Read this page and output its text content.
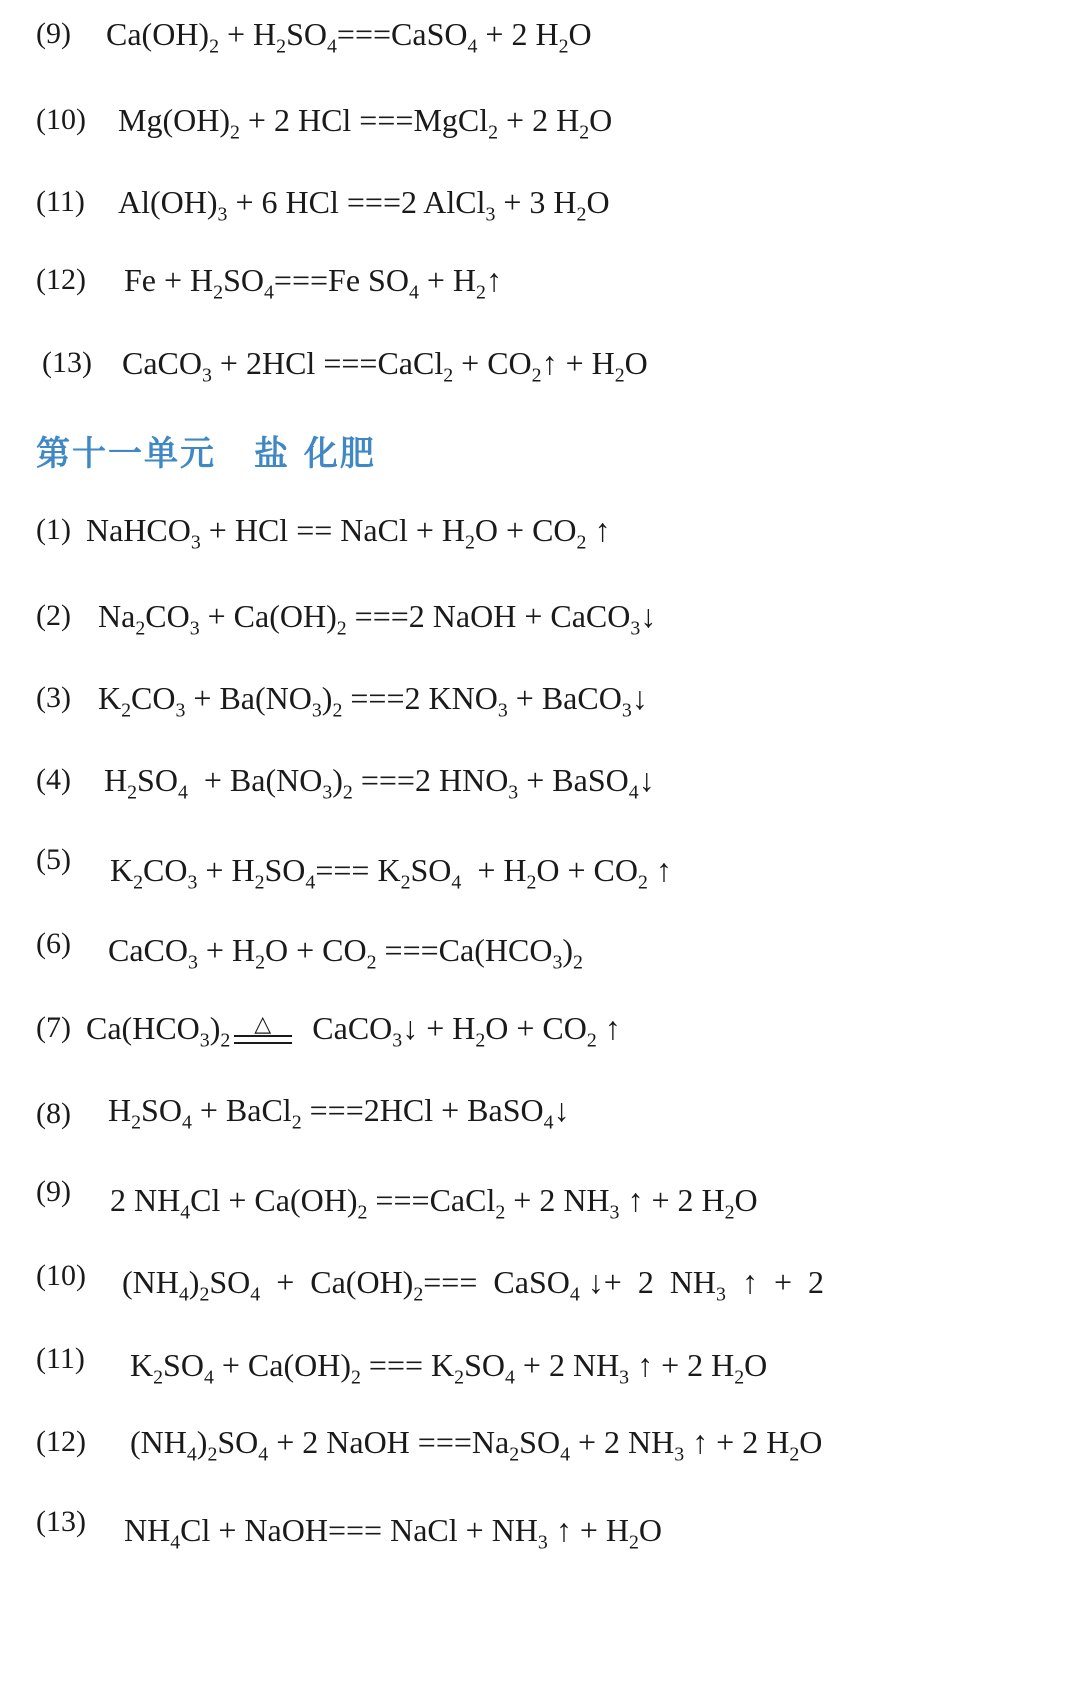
(9) $Ca(OH)_2$ + $H_2SO_4===CaSO_4 + 2$ $H_2O$
(10) $Mg(OH)_2 + 2$ HCl ===MgCl$_2$ + 2 $H_2O$
(11) $Al(OH)_3 + 6$ HCl ===2 AlCl$_3$ + 3 $H_2O$
(12) $Fe + H_2SO_4===Fe$ $SO_4$ + $H_2↑$
(13) CaCO$_3$ + 2HCl ===CaCl$_2$ + $CO_2↑ + H_2O$
第十一单元 盐 化肥
(1) NaHCO$_3$ + HCl == NaCl + $H_2O + CO_2$ ↑
(2) $Na_2CO_3 + Ca(OH)_2 ===2$ NaOH + CaCO$_3$↓
(3) $K_2CO_3 + Ba(NO_3)_2 ===2$ $KNO_3$ + BaCO$_3$↓
(4) $H_2SO_4 + Ba(NO_3)_2 ===2$ $HNO_3$ + BaSO$_4$↓
(5) $K_2CO_3 + H_2SO_4=== K_2SO_4 + H_2O + CO_2$ ↑
(6) CaCO$_3$ + $H_2O + CO_2 ===Ca(HCO_3)_2$
(7) $Ca(HCO_3)_2$
△ CaCO$_3$↓ + $H_2O + CO_2$ ↑
(8) $H_2SO_4$ + BaCl$_2$ ===2HCl + BaSO$_4$↓
(9) 2 $NH_4Cl + Ca(OH)_2$ ===CaCl$_2$ + 2 $NH_3$ ↑ + 2 $H_2O$
(10) $(NH_4)_2SO_4 + Ca(OH)_2===$  CaSO$_4$ ↓+  2  $NH_3$  ↑  +  2
(11) $K_2SO_4 + Ca(OH)_2$ === $K_2SO_4 + 2$ $NH_3$ ↑ + 2 $H_2O$
(12) $(NH_4)_2SO_4 + 2$ NaOH $===Na_2SO_4 + 2$ $NH_3$ ↑ + 2 $H_2O$
(13) $NH_4Cl$ + NaOH=== NaCl + $NH_3$ ↑ + $H_2O$
